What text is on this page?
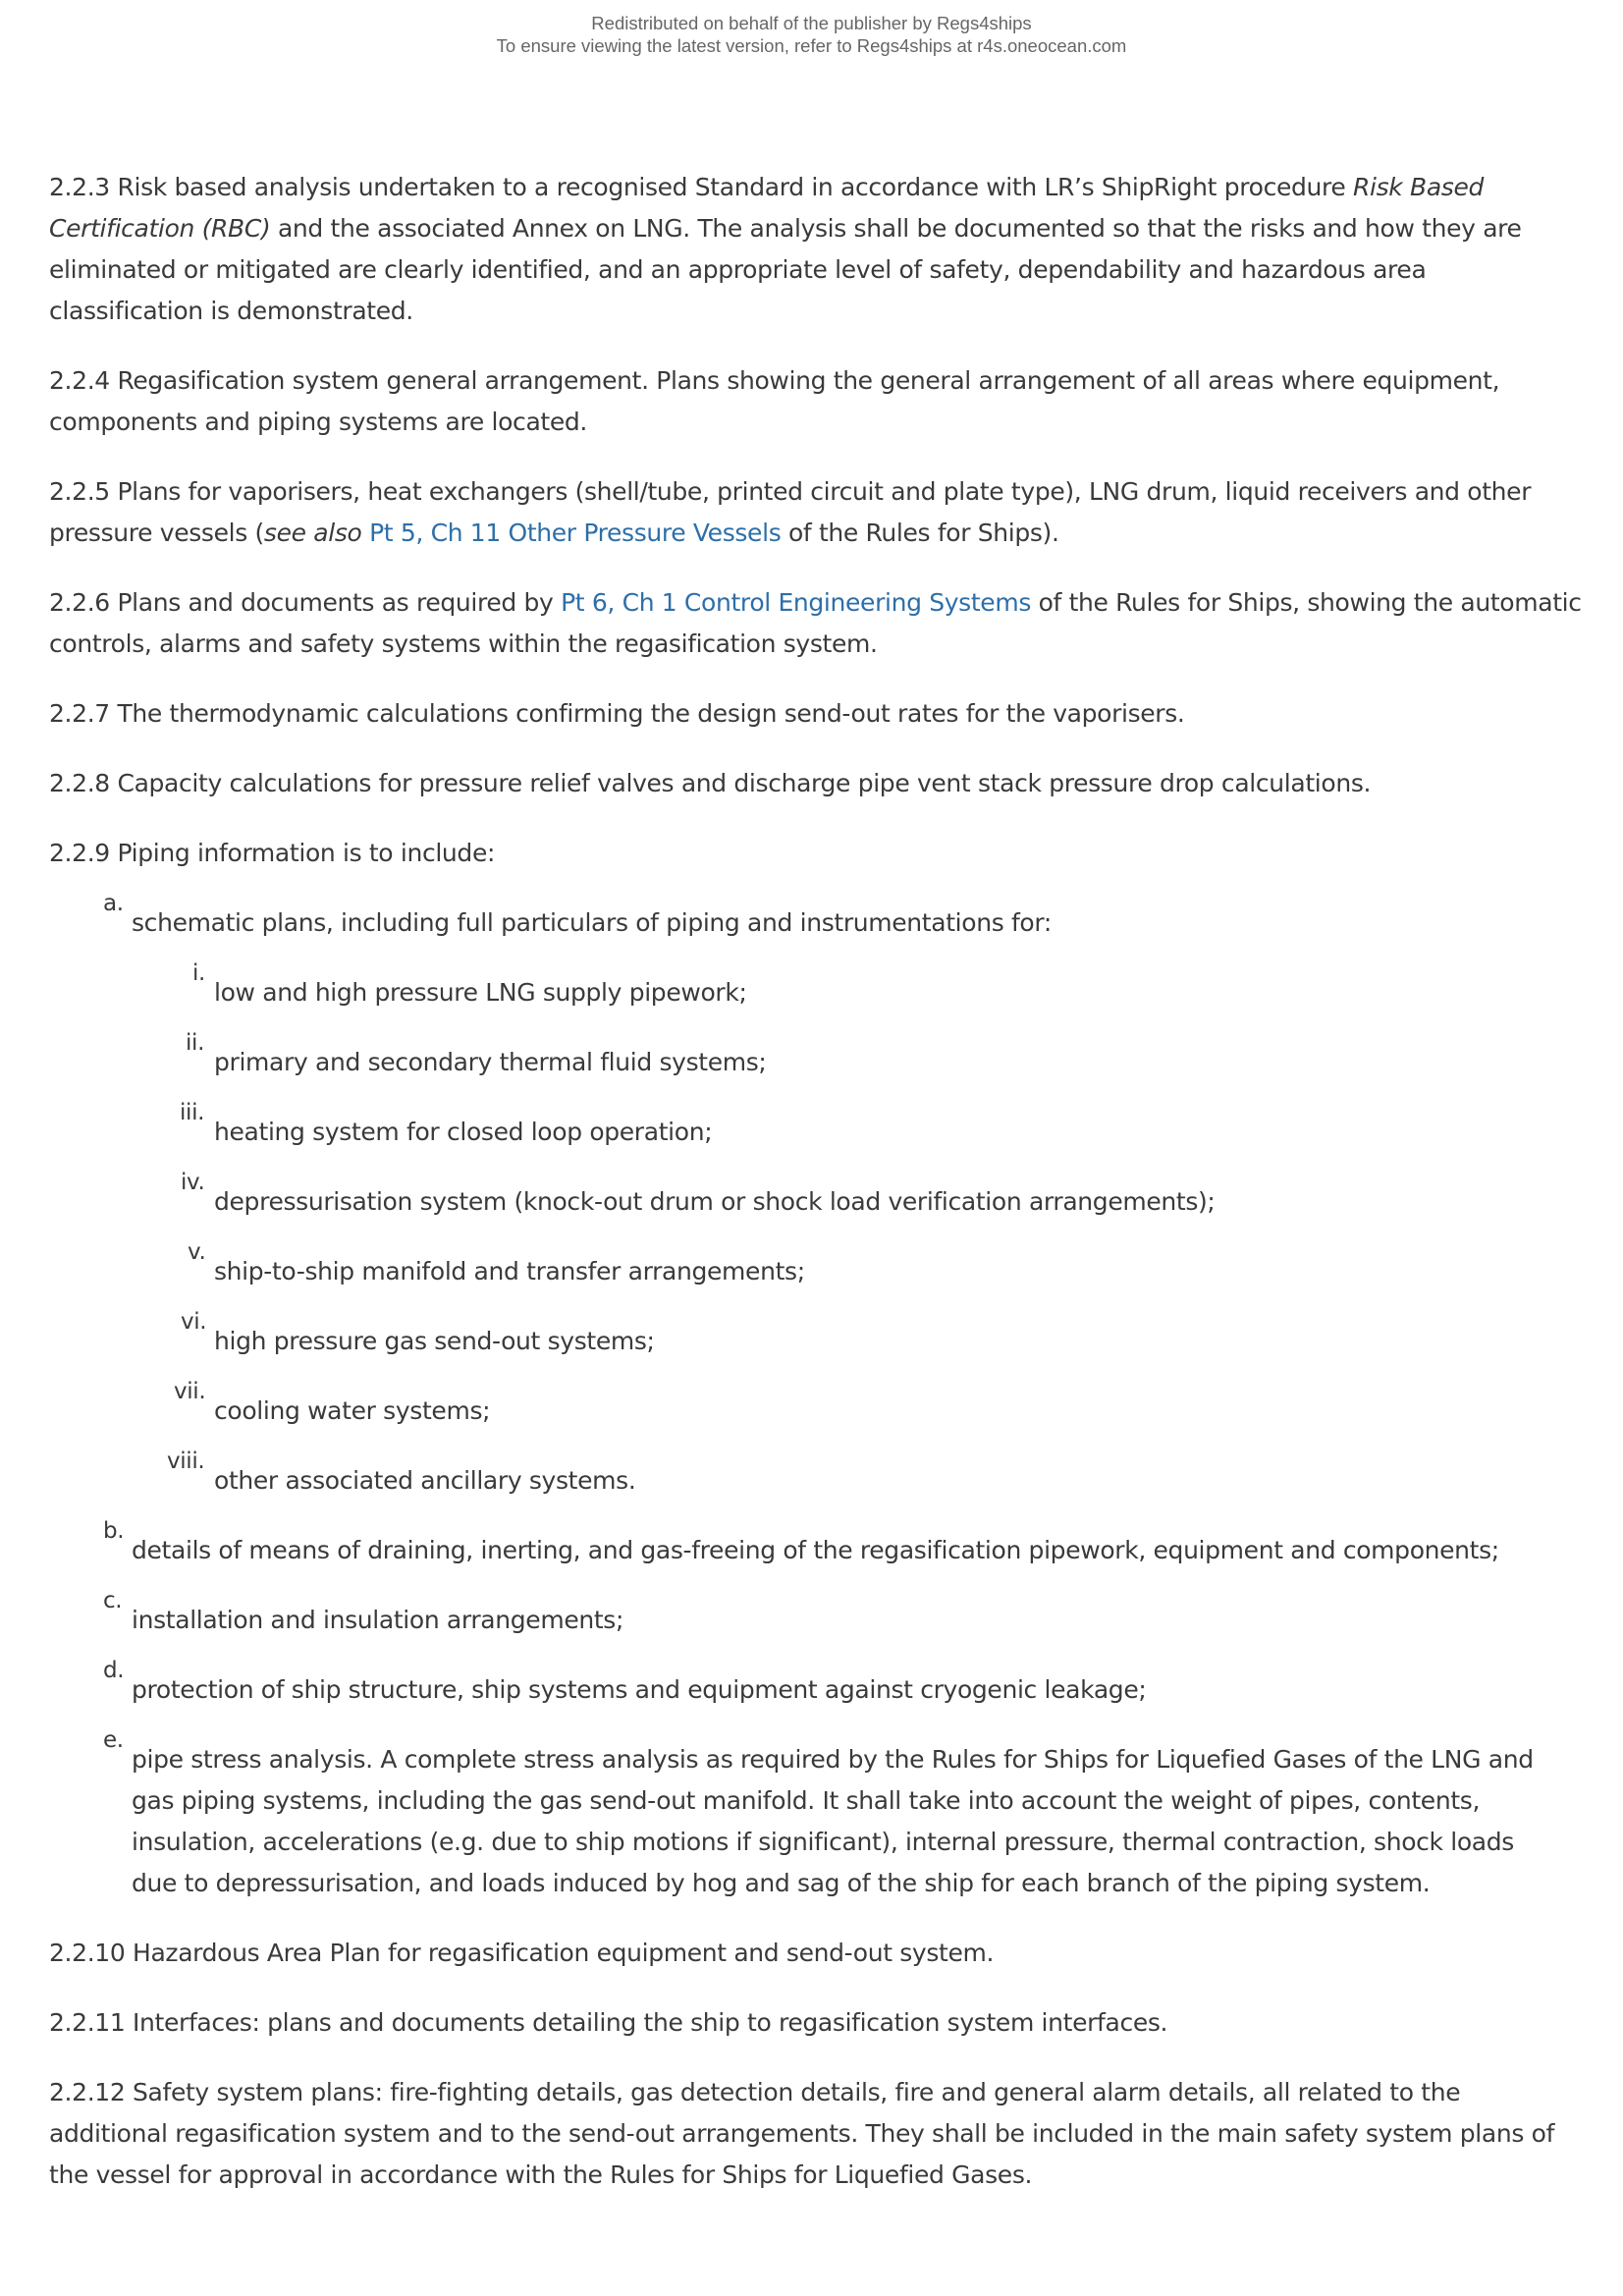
Redistributed on behalf of the publisher by Regs4ships
To ensure viewing the latest version, refer to Regs4ships at r4s.oneocean.com

2.2.3 Risk based analysis undertaken to a recognised Standard in accordance with LR’s ShipRight procedure Risk Based Certification (RBC) and the associated Annex on LNG. The analysis shall be documented so that the risks and how they are eliminated or mitigated are clearly identified, and an appropriate level of safety, dependability and hazardous area classification is demonstrated.

2.2.4 Regasification system general arrangement. Plans showing the general arrangement of all areas where equipment, components and piping systems are located.

2.2.5 Plans for vaporisers, heat exchangers (shell/tube, printed circuit and plate type), LNG drum, liquid receivers and other pressure vessels (see also Pt 5, Ch 11 Other Pressure Vessels of the Rules for Ships).

2.2.6 Plans and documents as required by Pt 6, Ch 1 Control Engineering Systems of the Rules for Ships, showing the automatic controls, alarms and safety systems within the regasification system.

2.2.7 The thermodynamic calculations confirming the design send-out rates for the vaporisers.

2.2.8 Capacity calculations for pressure relief valves and discharge pipe vent stack pressure drop calculations.

2.2.9 Piping information is to include:

a.
schematic plans, including full particulars of piping and instrumentations for:
i.
low and high pressure LNG supply pipework;
ii.
primary and secondary thermal fluid systems;
iii.
heating system for closed loop operation;
iv.
depressurisation system (knock-out drum or shock load verification arrangements);
v.
ship-to-ship manifold and transfer arrangements;
vi.
high pressure gas send-out systems;
vii.
cooling water systems;
viii.
other associated ancillary systems.
b.
details of means of draining, inerting, and gas-freeing of the regasification pipework, equipment and components;
c.
installation and insulation arrangements;
d.
protection of ship structure, ship systems and equipment against cryogenic leakage;
e.
pipe stress analysis. A complete stress analysis as required by the Rules for Ships for Liquefied Gases of the LNG and gas piping systems, including the gas send-out manifold. It shall take into account the weight of pipes, contents, insulation, accelerations (e.g. due to ship motions if significant), internal pressure, thermal contraction, shock loads due to depressurisation, and loads induced by hog and sag of the ship for each branch of the piping system.

2.2.10 Hazardous Area Plan for regasification equipment and send-out system.

2.2.11 Interfaces: plans and documents detailing the ship to regasification system interfaces.

2.2.12 Safety system plans: fire-fighting details, gas detection details, fire and general alarm details, all related to the additional regasification system and to the send-out arrangements. They shall be included in the main safety system plans of the vessel for approval in accordance with the Rules for Ships for Liquefied Gases.
